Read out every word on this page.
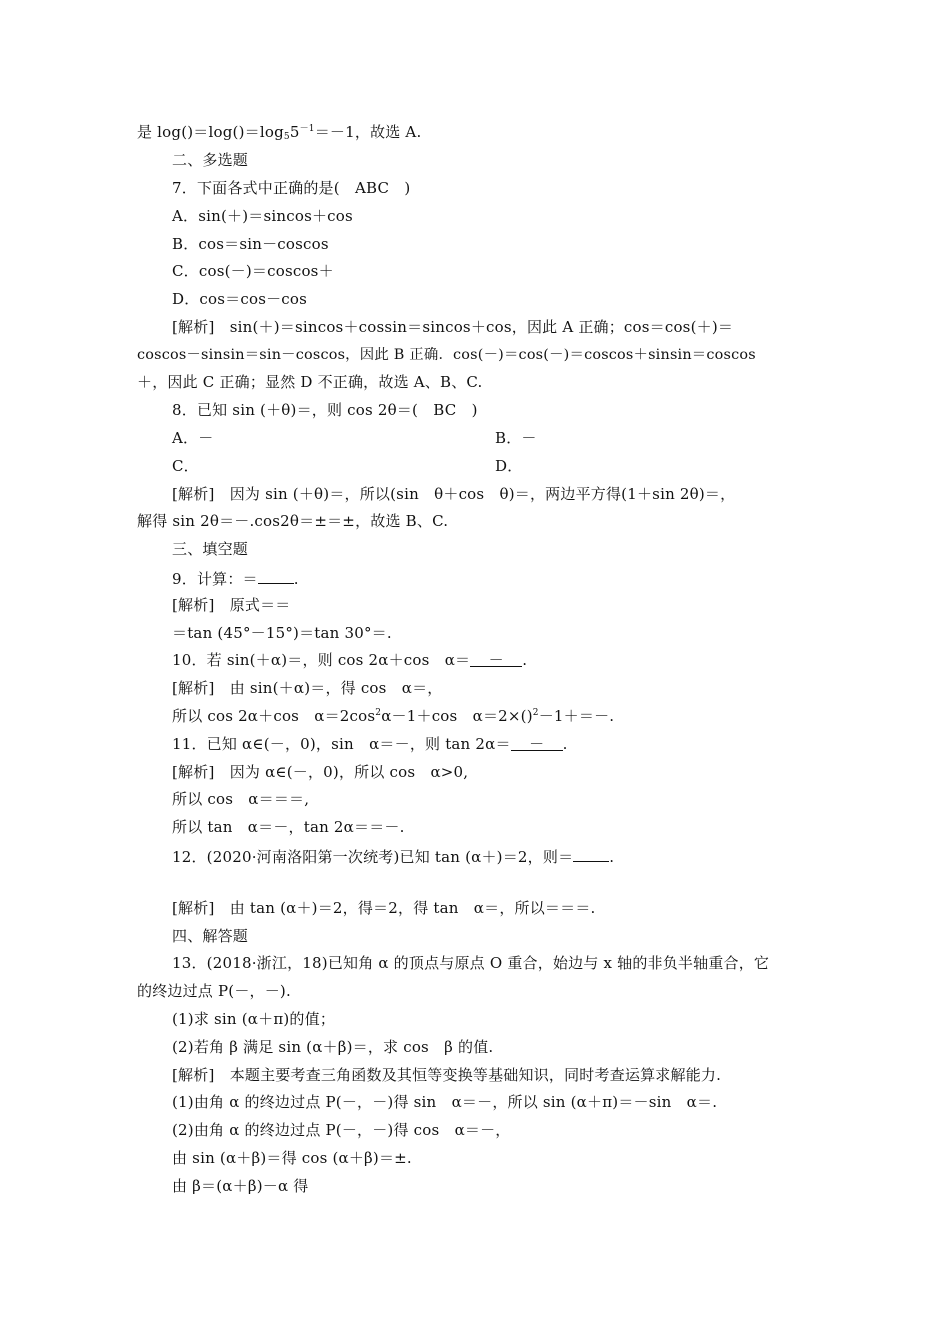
是 $\log()=\log()=\log_55^{-1}=-1$，故选 A.
二、多选题
7．下面各式中正确的是(　ABC　)
A．sin(＋)＝sincos＋cos
B．cos＝sin－coscos
C．cos(－)＝coscos＋
D．cos＝cos－cos
[解析]　sin(＋)＝sincos＋cossin＝sincos＋cos，因此 A 正确；cos＝cos(＋)＝
coscos－sinsin＝sin－coscos，因此 B 正确．cos(－)＝cos(－)＝coscos＋sinsin＝coscos
＋，因此 C 正确；显然 D 不正确，故选 A、B、C.
8．已知 sin (＋θ)＝，则 cos 2θ＝(　BC　)
A．－	B．－
C．	D．
[解析]　因为 sin (＋θ)＝，所以(sin　θ＋cos　θ)＝，两边平方得(1＋sin 2θ)＝，
解得 sin 2θ＝－.cos2θ＝±＝±，故选 B、C.
三、填空题
9．计算：＝ .
[解析]　原式＝＝
＝tan (45°－15°)＝tan 30°＝.
10．若 sin(＋α)＝，则 cos 2α＋cos　α＝ － .
[解析]　由 sin(＋α)＝，得 cos　α＝，
所以 cos 2α＋cos　$\alpha=2\cos^2\alpha-1+\cos$　α＝2×()$^2$－1＋＝－.
11．已知 α∈(－，0)，sin　α＝－，则 tan 2α＝ － .
[解析]　因为 α∈(－，0)，所以 cos　α>0,
所以 cos　α＝＝＝,
所以 tan　α＝－，tan 2α＝＝－.
12．(2020·河南洛阳第一次统考)已知 tan (α＋)＝2，则＝ .
[解析]　由 tan (α＋)＝2，得＝2，得 tan　α＝，所以＝＝＝.
四、解答题
13．(2018·浙江，18)已知角 α 的顶点与原点 O 重合，始边与 x 轴的非负半轴重合，它
的终边过点 P(－，－).
(1)求 sin (α＋π)的值；
(2)若角 β 满足 sin (α＋β)＝，求 cos　β 的值.
[解析]　本题主要考查三角函数及其恒等变换等基础知识，同时考查运算求解能力.
(1)由角 α 的终边过点 P(－，－)得 sin　α＝－，所以 sin (α＋π)＝－sin　α＝.
(2)由角 α 的终边过点 P(－，－)得 cos　α＝－，
由 sin (α＋β)＝得 cos (α＋β)＝±.
由 β＝(α＋β)－α 得
